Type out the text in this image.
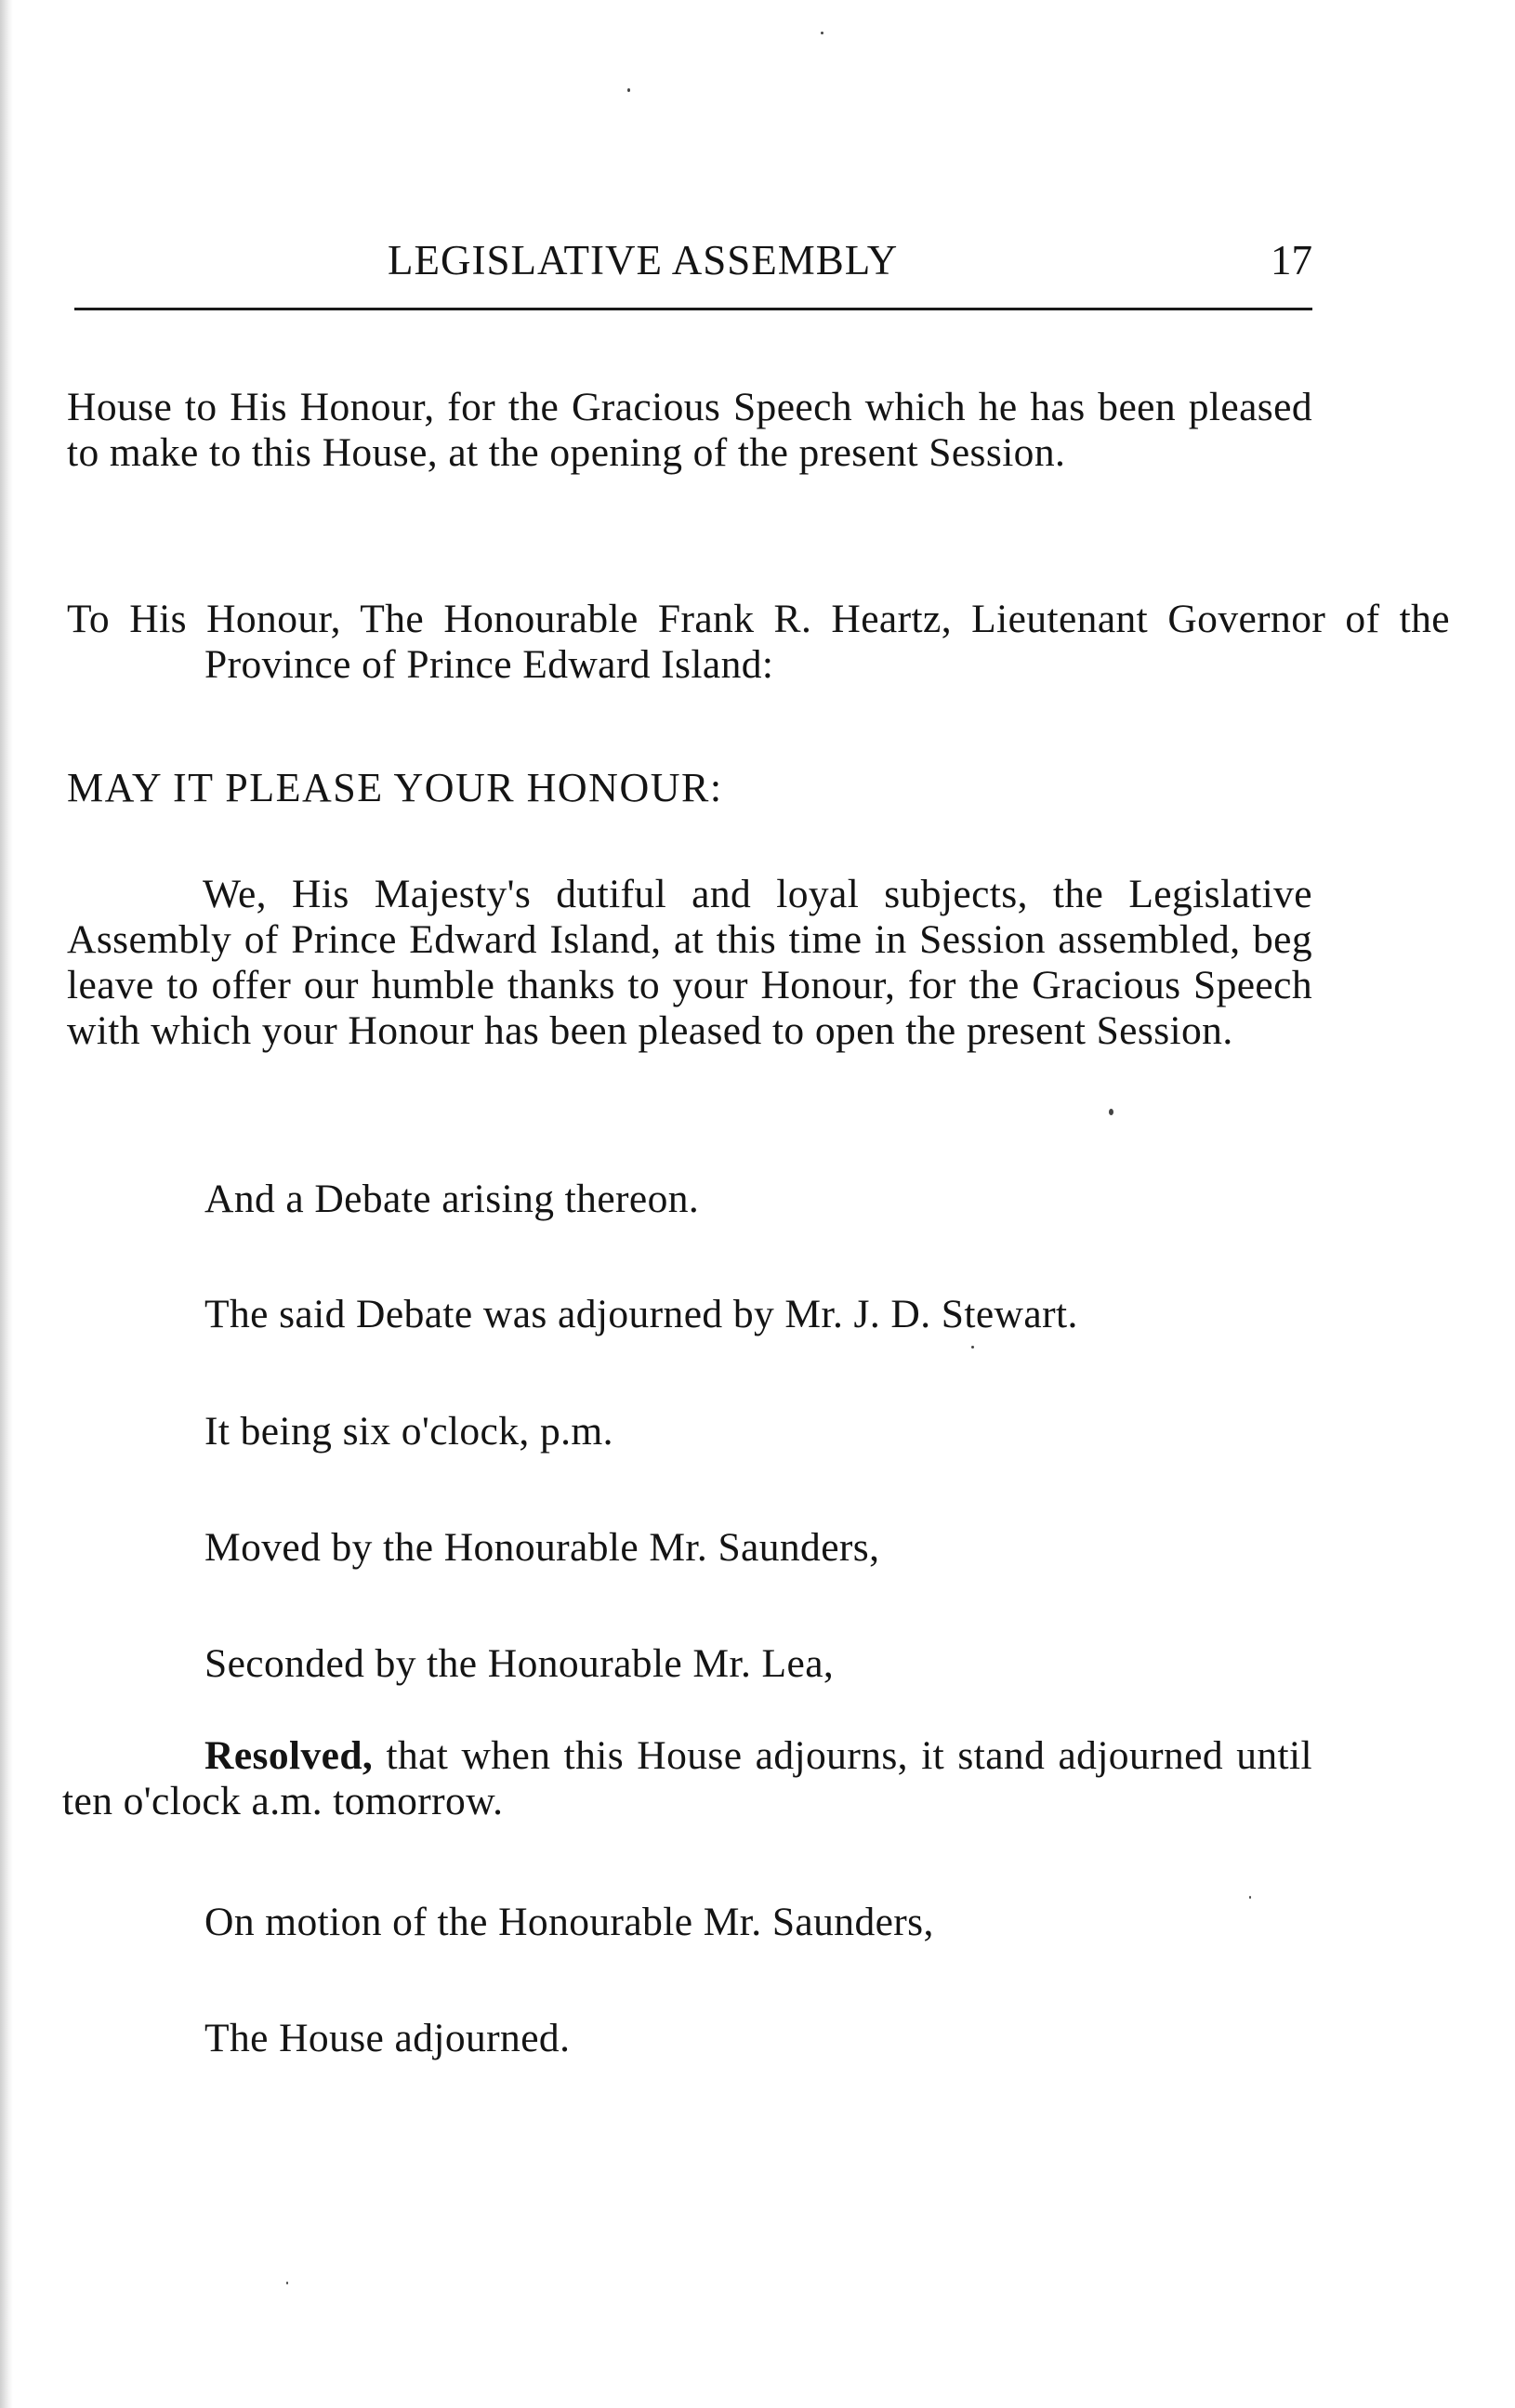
LEGISLATIVE ASSEMBLY	17
House to His Honour, for the Gracious Speech which he has been pleased to make to this House, at the opening of the present Session.
To His Honour, The Honourable Frank R. Heartz, Lieutenant Governor of the Province of Prince Edward Island:
MAY IT PLEASE YOUR HONOUR:
We, His Majesty's dutiful and loyal subjects, the Legislative Assembly of Prince Edward Island, at this time in Session assembled, beg leave to offer our humble thanks to your Honour, for the Gracious Speech with which your Honour has been pleased to open the present Session.
And a Debate arising thereon.
The said Debate was adjourned by Mr. J. D. Stewart.
It being six o'clock, p.m.
Moved by the Honourable Mr. Saunders,
Seconded by the Honourable Mr. Lea,
Resolved, that when this House adjourns, it stand adjourned until ten o'clock a.m. tomorrow.
On motion of the Honourable Mr. Saunders,
The House adjourned.
